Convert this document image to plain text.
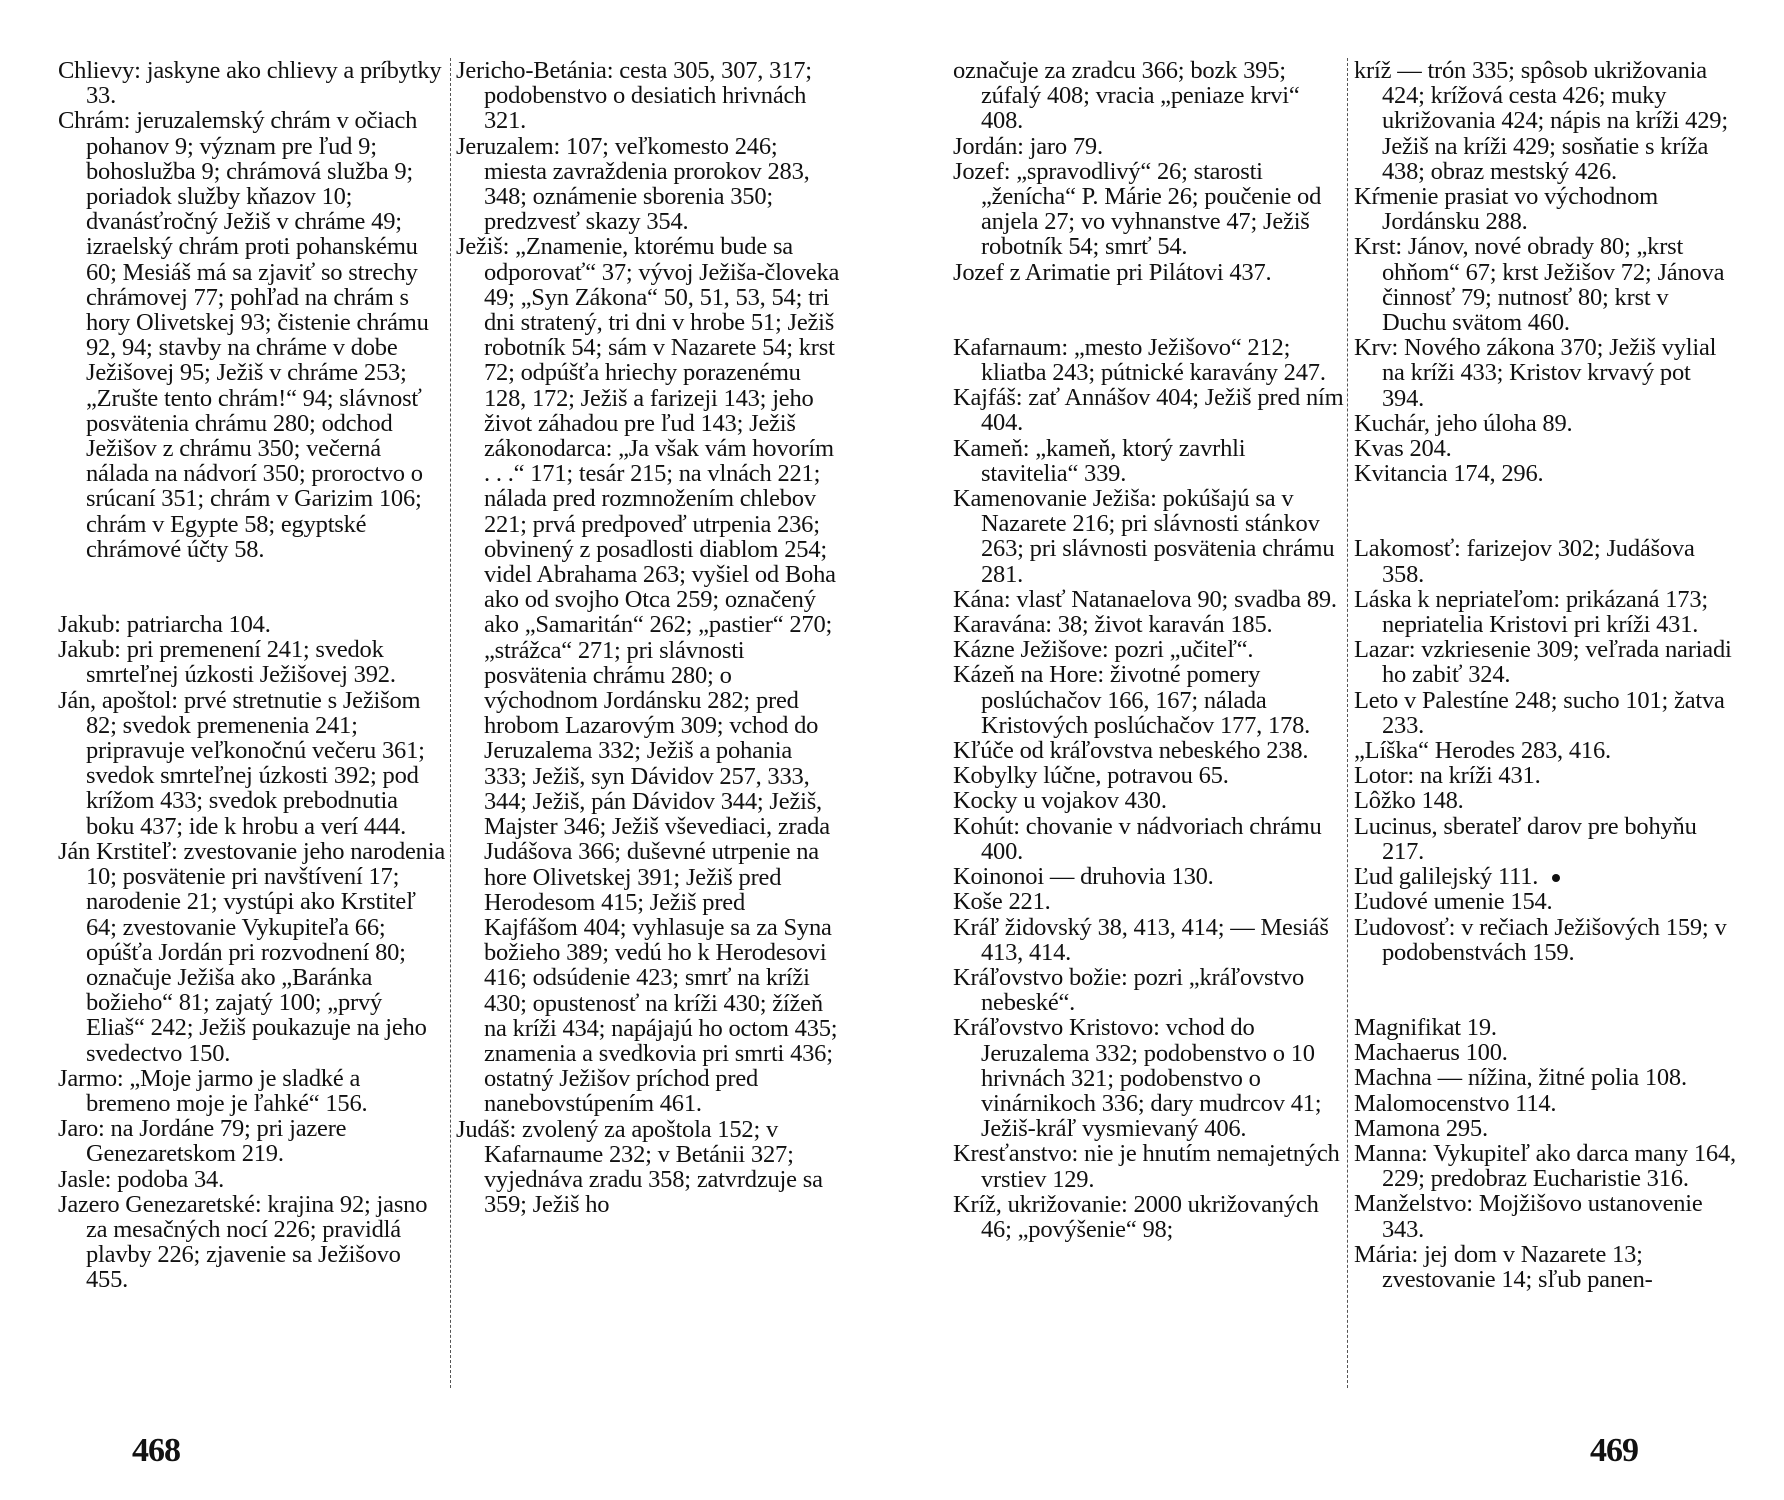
Chlievy: jaskyne ako chlievy a príbytky 33.

Chrám: jeruzalemský chrám v očiach pohanov 9; význam pre ľud 9; bohoslužba 9; chrámová služba 9; poriadok služby kňazov 10; dvanásťročný Ježiš v chráme 49; izraelský chrám proti pohanskému 60; Mesiáš má sa zjaviť so strechy chrámovej 77; pohľad na chrám s hory Olivetskej 93; čistenie chrámu 92, 94; stavby na chráme v dobe Ježišovej 95; Ježiš v chráme 253; „Zrušte tento chrám!“ 94; slávnosť posvätenia chrámu 280; odchod Ježišov z chrámu 350; večerná nálada na nádvorí 350; proroctvo o srúcaní 351; chrám v Garizim 106; chrám v Egypte 58; egyptské chrámové účty 58.

Jakub: patriarcha 104.

Jakub: pri premenení 241; svedok smrteľnej úzkosti Ježišovej 392.

Ján, apoštol: prvé stretnutie s Ježišom 82; svedok premenenia 241; pripravuje veľkonočnú večeru 361; svedok smrteľnej úzkosti 392; pod krížom 433; svedok prebodnutia boku 437; ide k hrobu a verí 444.

Ján Krstiteľ: zvestovanie jeho narodenia 10; posvätenie pri navštívení 17; narodenie 21; vystúpi ako Krstiteľ 64; zvestovanie Vykupiteľa 66; opúšťa Jordán pri rozvodnení 80; označuje Ježiša ako „Baránka božieho“ 81; zajatý 100; „prvý Eliaš“ 242; Ježiš poukazuje na jeho svedectvo 150.

Jarmo: „Moje jarmo je sladké a bremeno moje je ľahké“ 156.

Jaro: na Jordáne 79; pri jazere Genezaretskom 219.

Jasle: podoba 34.

Jazero Genezaretské: krajina 92; jasno za mesačných nocí 226; pravidlá plavby 226; zjavenie sa Ježišovo 455.

Jericho-Betánia: cesta 305, 307, 317; podobenstvo o desiatich hrivnách 321.

Jeruzalem: 107; veľkomesto 246; miesta zavraždenia prorokov 283, 348; oznámenie sborenia 350; predzvesť skazy 354.

Ježiš: „Znamenie, ktorému bude sa odporovať“ 37; vývoj Ježiša-človeka 49; „Syn Zákona“ 50, 51, 53, 54; tri dni stratený, tri dni v hrobe 51; Ježiš robotník 54; sám v Nazarete 54; krst 72; odpúšťa hriechy porazenému 128, 172; Ježiš a farizeji 143; jeho život záhadou pre ľud 143; Ježiš zákonodarca: „Ja však vám hovorím . . .“ 171; tesár 215; na vlnách 221; nálada pred rozmnožením chlebov 221; prvá predpoveď utrpenia 236; obvinený z posadlosti diablom 254; videl Abrahama 263; vyšiel od Boha ako od svojho Otca 259; označený ako „Samaritán“ 262; „pastier“ 270; „strážca“ 271; pri slávnosti posvätenia chrámu 280; o východnom Jordánsku 282; pred hrobom Lazarovým 309; vchod do Jeruzalema 332; Ježiš a pohania 333; Ježiš, syn Dávidov 257, 333, 344; Ježiš, pán Dávidov 344; Ježiš, Majster 346; Ježiš vševediaci, zrada Judášova 366; duševné utrpenie na hore Olivetskej 391; Ježiš pred Herodesom 415; Ježiš pred Kajfášom 404; vyhlasuje sa za Syna božieho 389; vedú ho k Herodesovi 416; odsúdenie 423; smrť na kríži 430; opustenosť na kríži 430; žížeň na kríži 434; napájajú ho octom 435; znamenia a svedkovia pri smrti 436; ostatný Ježišov príchod pred nanebovstúpením 461.

Judáš: zvolený za apoštola 152; v Kafarnaume 232; v Betánii 327; vyjednáva zradu 358; zatvrdzuje sa 359; Ježiš ho

468

označuje za zradcu 366; bozk 395; zúfalý 408; vracia „peniaze krvi“ 408.

Jordán: jaro 79.

Jozef: „spravodlivý“ 26; starosti „ženícha“ P. Márie 26; poučenie od anjela 27; vo vyhnanstve 47; Ježiš robotník 54; smrť 54.

Jozef z Arimatie pri Pilátovi 437.

Kafarnaum: „mesto Ježišovo“ 212; kliatba 243; pútnické karavány 247.

Kajfáš: zať Annášov 404; Ježiš pred ním 404.

Kameň: „kameň, ktorý zavrhli stavitelia“ 339.

Kamenovanie Ježiša: pokúšajú sa v Nazarete 216; pri slávnosti stánkov 263; pri slávnosti posvätenia chrámu 281.

Kána: vlasť Natanaelova 90; svadba 89.

Karavána: 38; život karaván 185.

Kázne Ježišove: pozri „učiteľ“.

Kázeň na Hore: životné pomery poslúchačov 166, 167; nálada Kristových poslúchačov 177, 178.

Kľúče od kráľovstva nebeského 238.

Kobylky lúčne, potravou 65.

Kocky u vojakov 430.

Kohút: chovanie v nádvoriach chrámu 400.

Koinonoi — druhovia 130.

Koše 221.

Kráľ židovský 38, 413, 414; — Mesiáš 413, 414.

Kráľovstvo božie: pozri „kráľovstvo nebeské“.

Kráľovstvo Kristovo: vchod do Jeruzalema 332; podobenstvo o 10 hrivnách 321; podobenstvo o vinárnikoch 336; dary mudrcov 41; Ježiš-kráľ vysmievaný 406.

Kresťanstvo: nie je hnutím nemajetných vrstiev 129.

Kríž, ukrižovanie: 2000 ukrižovaných 46; „povýšenie“ 98;

kríž — trón 335; spôsob ukrižovania 424; krížová cesta 426; muky ukrižovania 424; nápis na kríži 429; Ježiš na kríži 429; sosňatie s kríža 438; obraz mestský 426.

Kŕmenie prasiat vo východnom Jordánsku 288.

Krst: Jánov, nové obrady 80; „krst ohňom“ 67; krst Ježišov 72; Jánova činnosť 79; nutnosť 80; krst v Duchu svätom 460.

Krv: Nového zákona 370; Ježiš vylial na kríži 433; Kristov krvavý pot 394.

Kuchár, jeho úloha 89.

Kvas 204.

Kvitancia 174, 296.

Lakomosť: farizejov 302; Judášova 358.

Láska k nepriateľom: prikázaná 173; nepriatelia Kristovi pri kríži 431.

Lazar: vzkriesenie 309; veľrada nariadi ho zabiť 324.

Leto v Palestíne 248; sucho 101; žatva 233.

„Líška“ Herodes 283, 416.

Lotor: na kríži 431.

Lôžko 148.

Lucinus, sberateľ darov pre bohyňu 217.

Ľud galilejský 111.

Ľudové umenie 154.

Ľudovosť: v rečiach Ježišových 159; v podobenstvách 159.

Magnifikat 19.

Machaerus 100.

Machna — nížina, žitné polia 108.

Malomocenstvo 114.

Mamona 295.

Manna: Vykupiteľ ako darca many 164, 229; predobraz Eucharistie 316.

Manželstvo: Mojžišovo ustanovenie 343.

Mária: jej dom v Nazarete 13; zvestovanie 14; sľub panen-

469
